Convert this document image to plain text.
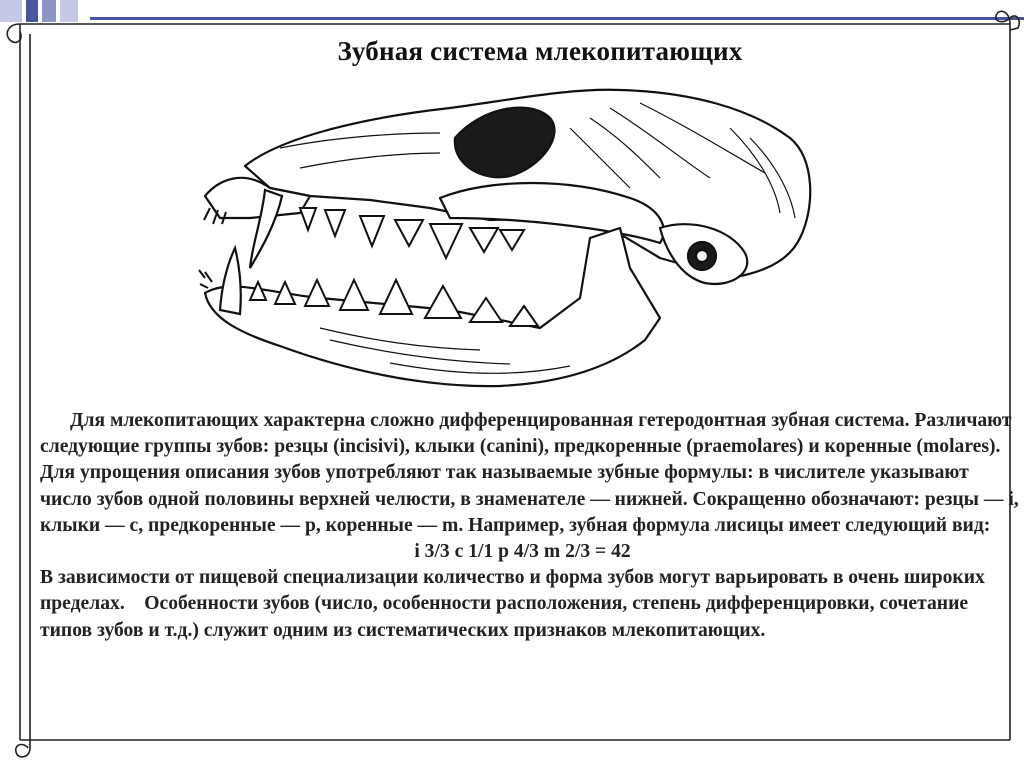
Зубная система млекопитающих

Для млекопитающих характерна сложно дифференцированная гетеродонтная зубная система. Различают следующие группы зубов: резцы (incisivi), клыки (canini), предкоренные (praemolares) и коренные (molares). Для упрощения описания зубов употребляют так называемые зубные формулы: в числителе указывают число зубов одной половины верхней челюсти, в знаменателе — нижней. Сокращенно обозначают: резцы — i, клыки — с, предкоренные — р, коренные — m. Например, зубная формула лисицы имеет следующий вид:

i 3/3 c 1/1 p 4/3 m 2/3 = 42

В зависимости от пищевой специализации количество и форма зубов могут варьировать в очень широких пределах.    Особенности зубов (число, особенности расположения, степень дифференцировки, сочетание типов зубов и т.д.) служит одним из систематических признаков млекопитающих.
